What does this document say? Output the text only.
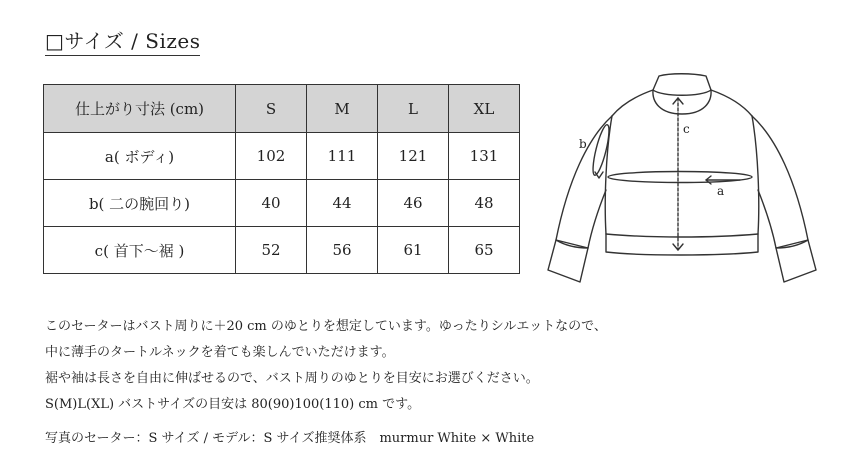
□サイズ / Sizes
仕上がり寸法 (cm)	S	M	L	XL
a( ボディ)	102	111	121	131
b( 二の腕回り)	40	44	46	48
c( 首下〜裾 )	52	56	61	65
c
a
b

このセーターはバスト周りに＋20 cm のゆとりを想定しています。ゆったりシルエットなので、

中に薄手のタートルネックを着ても楽しんでいただけます。

裾や袖は長さを自由に伸ばせるので、バスト周りのゆとりを目安にお選びください。

S(M)L(XL) バストサイズの目安は 80(90)100(110) cm です。

写真のセーター：S サイズ / モデル：S サイズ推奨体系　murmur White × White
